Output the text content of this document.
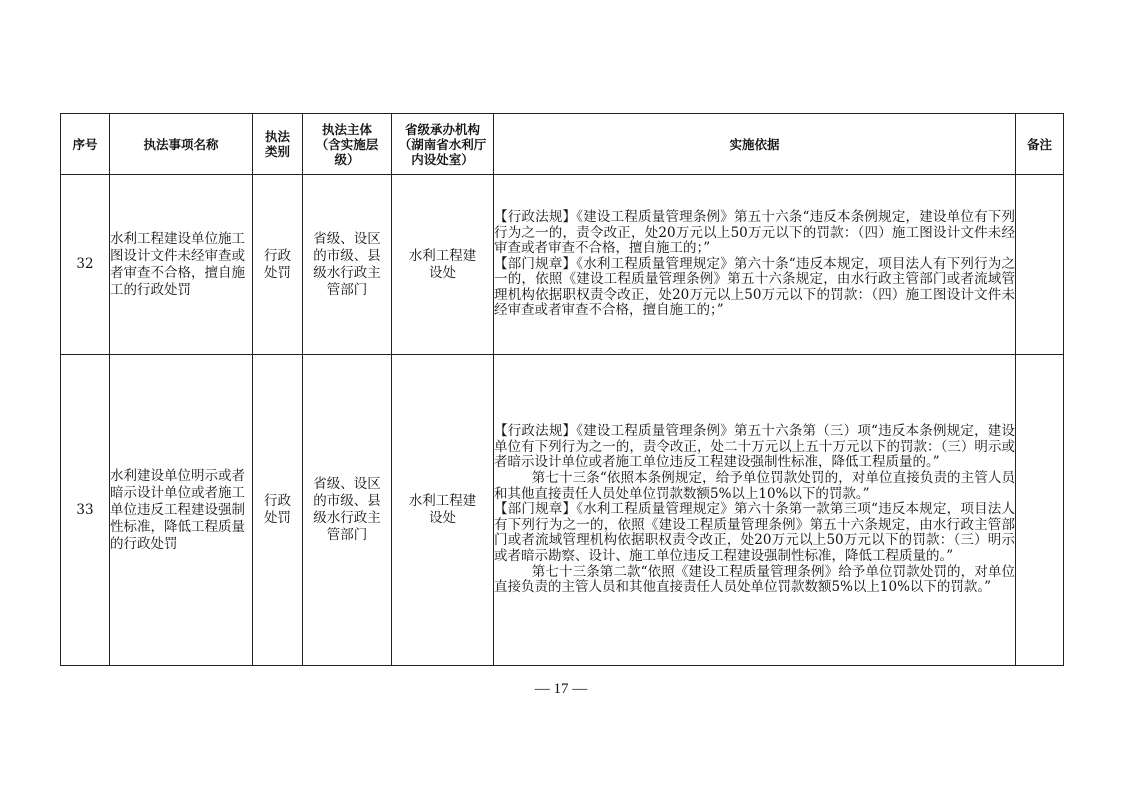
序号	执法事项名称	执法类别	执法主体（含实施层级）	省级承办机构（湖南省水利厅内设处室）	实施依据	备注
32	水利工程建设单位施工图设计文件未经审查或者审查不合格，擅自施工的行政处罚	行政处罚	省级、设区的市级、县级水行政主管部门	水利工程建设处	【行政法规】《建设工程质量管理条例》第五十六条“违反本条例规定，建设单位有下列行为之一的，责令改正，处20万元以上50万元以下的罚款：（四）施工图设计文件未经审查或者审查不合格，擅自施工的；”

【部门规章】《水利工程质量管理规定》第六十条“违反本规定，项目法人有下列行为之一的，依照《建设工程质量管理条例》第五十六条规定，由水行政主管部门或者流域管理机构依据职权责令改正，处20万元以上50万元以下的罚款：（四）施工图设计文件未经审查或者审查不合格，擅自施工的；”	

33	水利建设单位明示或者暗示设计单位或者施工单位违反工程建设强制性标准，降低工程质量的行政处罚	行政处罚	省级、设区的市级、县级水行政主管部门	水利工程建设处	【行政法规】《建设工程质量管理条例》第五十六条第（三）项“违反本条例规定，建设单位有下列行为之一的，责令改正，处二十万元以上五十万元以下的罚款：（三）明示或者暗示设计单位或者施工单位违反工程建设强制性标准，降低工程质量的。”

第七十三条“依照本条例规定，给予单位罚款处罚的，对单位直接负责的主管人员和其他直接责任人员处单位罚款数额5%以上10%以下的罚款。”

【部门规章】《水利工程质量管理规定》第六十条第一款第三项“违反本规定，项目法人有下列行为之一的，依照《建设工程质量管理条例》第五十六条规定，由水行政主管部门或者流域管理机构依据职权责令改正，处20万元以上50万元以下的罚款：（三）明示或者暗示勘察、设计、施工单位违反工程建设强制性标准，降低工程质量的。”

第七十三条第二款“依照《建设工程质量管理条例》给予单位罚款处罚的，对单位直接负责的主管人员和其他直接责任人员处单位罚款数额5%以上10%以下的罚款。”	

— 17 —
